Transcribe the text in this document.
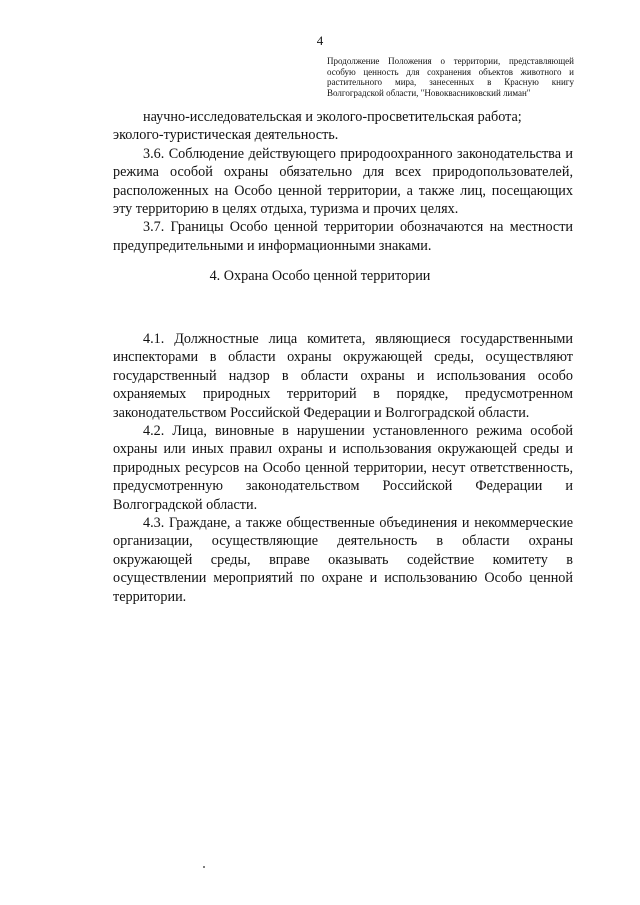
4
Продолжение Положения о территории, представляющей особую ценность для сохранения объектов животного и растительного мира, занесенных в Красную книгу Волгоградской области, "Новокваcниковский лиман"

научно-исследовательская и эколого-просветительская работа;

эколого-туристическая деятельность.

3.6. Соблюдение действующего природоохранного законодательства и режима особой охраны обязательно для всех природопользователей, расположенных на Особо ценной территории, а также лиц, посещающих эту территорию в целях отдыха, туризма и прочих целях.

3.7. Границы Особо ценной территории обозначаются на местности предупредительными и информационными знаками.

4. Охрана Особо ценной территории

4.1. Должностные лица комитета, являющиеся государственными инспекторами в области охраны окружающей среды, осуществляют государственный надзор в области охраны и использования особо охраняемых природных территорий в порядке, предусмотренном законодательством Российской Федерации и Волгоградской области.

4.2. Лица, виновные в нарушении установленного режима особой охраны или иных правил охраны и использования окружающей среды и природных ресурсов на Особо ценной территории, несут ответственность, предусмотренную законодательством Российской Федерации и Волгоградской области.

4.3. Граждане, а также общественные объединения и некоммерческие организации, осуществляющие деятельность в области охраны окружающей среды, вправе оказывать содействие комитету в осуществлении мероприятий по охране и использованию Особо ценной территории.
